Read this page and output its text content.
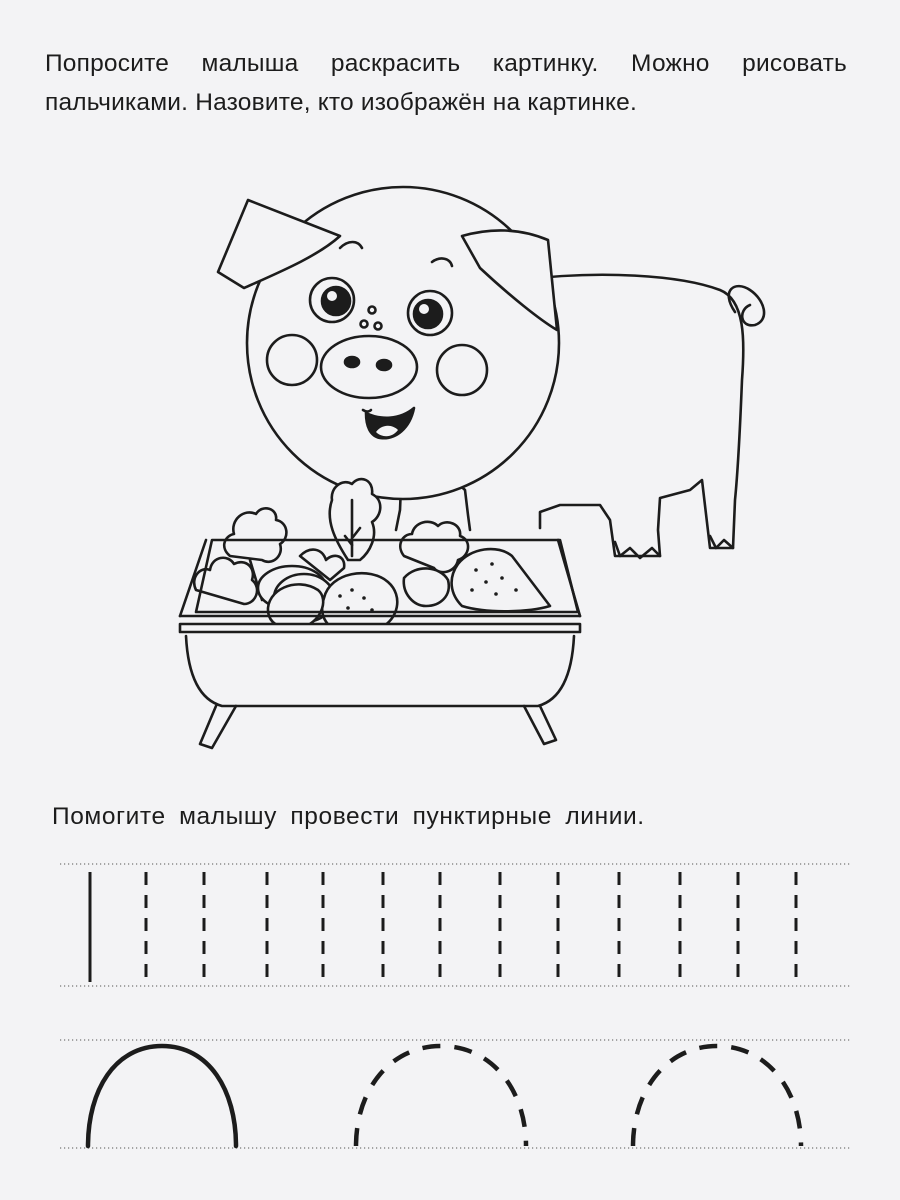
Попросите малыша раскрасить картинку. Можно рисовать пальчиками. Назовите, кто изображён на картинке.
Помогите малышу провести пунктирные линии.
